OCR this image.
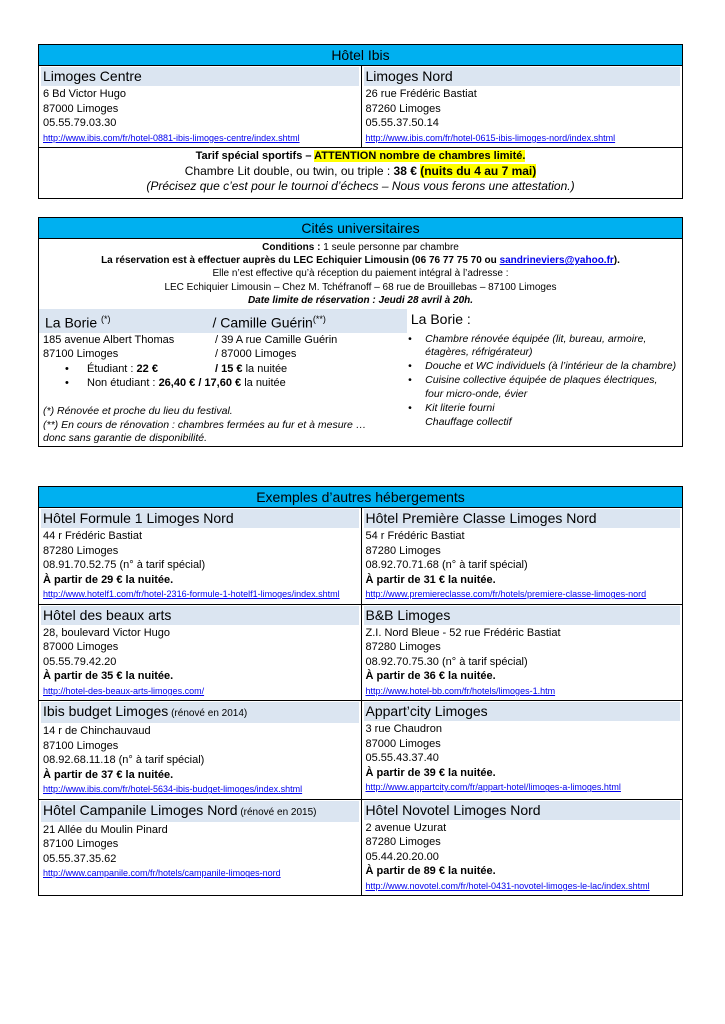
Hôtel Ibis
Limoges Centre
6 Bd Victor Hugo
87000 Limoges
05.55.79.03.30
http://www.ibis.com/fr/hotel-0881-ibis-limoges-centre/index.shtml
Limoges Nord
26 rue Frédéric Bastiat
87260 Limoges
05.55.37.50.14
http://www.ibis.com/fr/hotel-0615-ibis-limoges-nord/index.shtml
Tarif spécial sportifs – ATTENTION nombre de chambres limité.
Chambre Lit double, ou twin, ou triple : 38 € (nuits du 4 au 7 mai)
(Précisez que c’est pour le tournoi d’échecs – Nous vous ferons une attestation.)
Cités universitaires
Conditions : 1 seule personne par chambre
La réservation est à effectuer auprès du LEC Echiquier Limousin (06 76 77 75 70 ou sandrineviers@yahoo.fr).
Elle n’est effective qu’à réception du paiement intégral à l’adresse :
LEC Echiquier Limousin – Chez M. Tchéfranoff – 68 rue de Brouillebas – 87100 Limoges
Date limite de réservation : Jeudi 28 avril à 20h.
La Borie (*)	/ Camille Guérin(**)	La Borie :
185 avenue Albert Thomas	/ 39 A rue Camille Guérin
87100 Limoges	/ 87000 Limoges
• Étudiant : 22 €	/ 15 € la nuitée
• Non étudiant : 26,40 € / 17,60 € la nuitée
(*) Rénovée et proche du lieu du festival.
(**) En cours de rénovation : chambres fermées au fur et à mesure … donc sans garantie de disponibilité.
• Chambre rénovée équipée (lit, bureau, armoire, étagères, réfrigérateur)
• Douche et WC individuels (à l’intérieur de la chambre)
• Cuisine collective équipée de plaques électriques, four micro-onde, évier
• Kit literie fourni
Chauffage collectif
Exemples d’autres hébergements
Hôtel Formule 1 Limoges Nord
44 r Frédéric Bastiat
87280 Limoges
08.91.70.52.75 (n° à tarif spécial)
À partir de 29 € la nuitée.
http://www.hotelf1.com/fr/hotel-2316-formule-1-hotelf1-limoges/index.shtml
Hôtel Première Classe Limoges Nord
54 r Frédéric Bastiat
87280 Limoges
08.92.70.71.68 (n° à tarif spécial)
À partir de 31 € la nuitée.
http://www.premiereclasse.com/fr/hotels/premiere-classe-limoges-nord
Hôtel des beaux arts
28, boulevard Victor Hugo
87000 Limoges
05.55.79.42.20
À partir de 35 € la nuitée.
http://hotel-des-beaux-arts-limoges.com/
B&B Limoges
Z.I. Nord Bleue - 52 rue Frédéric Bastiat
87280 Limoges
08.92.70.75.30 (n° à tarif spécial)
À partir de 36 € la nuitée.
http://www.hotel-bb.com/fr/hotels/limoges-1.htm
Ibis budget Limoges (rénové en 2014)
14 r de Chinchauvaud
87100 Limoges
08.92.68.11.18 (n° à tarif spécial)
À partir de 37 € la nuitée.
http://www.ibis.com/fr/hotel-5634-ibis-budget-limoges/index.shtml
Appart’city Limoges
3 rue Chaudron
87000 Limoges
05.55.43.37.40
À partir de 39 € la nuitée.
http://www.appartcity.com/fr/appart-hotel/limoges-a-limoges.html
Hôtel Campanile Limoges Nord (rénové en 2015)
21 Allée du Moulin Pinard
87100 Limoges
05.55.37.35.62
http://www.campanile.com/fr/hotels/campanile-limoges-nord
Hôtel Novotel Limoges Nord
2 avenue Uzurat
87280 Limoges
05.44.20.20.00
À partir de 89 € la nuitée.
http://www.novotel.com/fr/hotel-0431-novotel-limoges-le-lac/index.shtml
